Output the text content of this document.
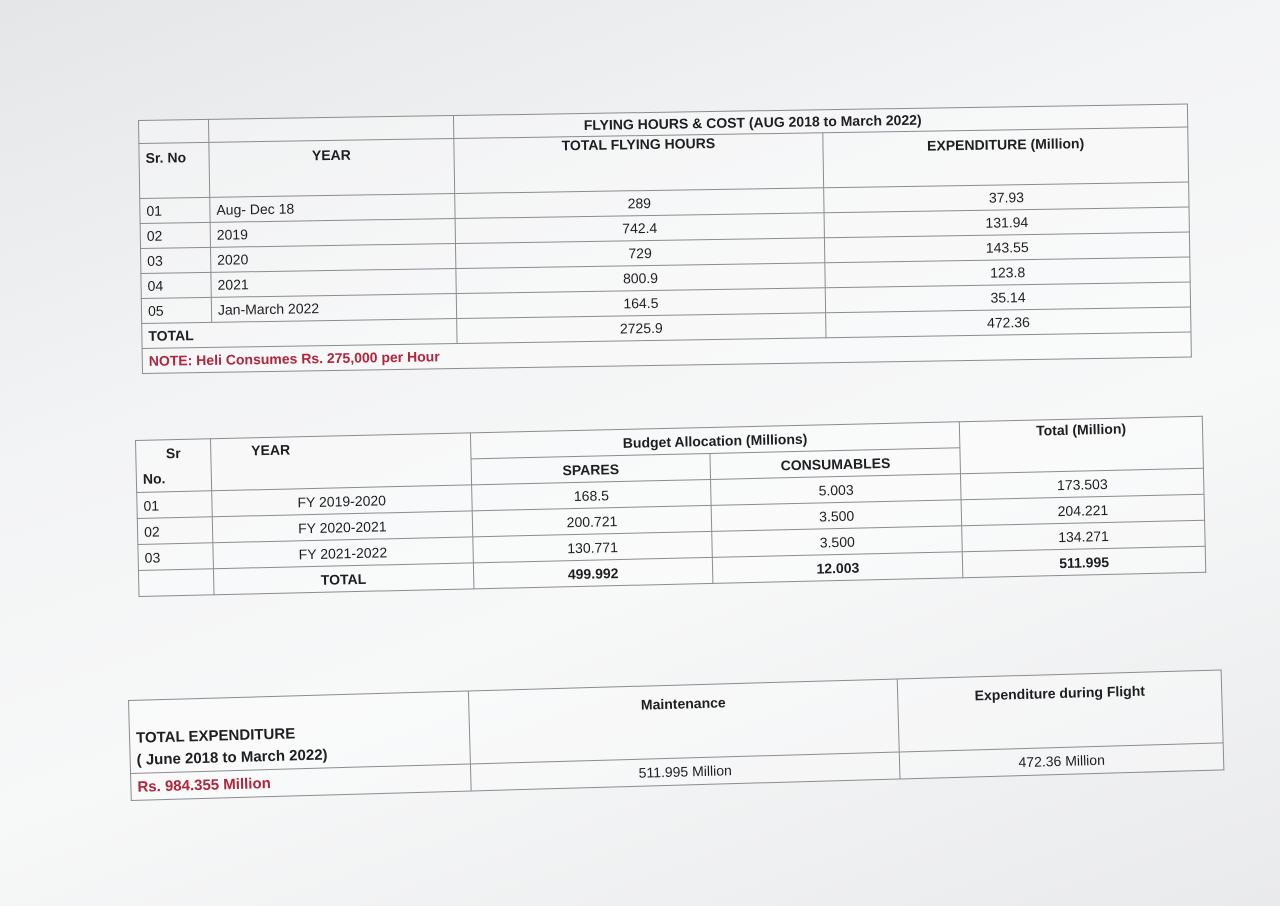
		FLYING HOURS & COST (AUG 2018 to March 2022)	
Sr. No	YEAR	TOTAL FLYING HOURS	EXPENDITURE (Million)
01	Aug- Dec 18	289	37.93
02	2019	742.4	131.94
03	2020	729	143.55
04	2021	800.9	123.8
05	Jan-March 2022	164.5	35.14
TOTAL		2725.9	472.36
NOTE: Heli Consumes Rs. 275,000 per Hour			
Sr	YEAR	Budget Allocation (Millions)		Total (Million)
No.		SPARES	CONSUMABLES	
01	FY 2019-2020	168.5	5.003	173.503
02	FY 2020-2021	200.721	3.500	204.221
03	FY 2021-2022	130.771	3.500	134.271
	TOTAL	499.992	12.003	511.995
TOTAL EXPENDITURE	Maintenance	Expenditure during Flight
( June 2018 to March 2022)		
Rs. 984.355 Million	511.995 Million	472.36 Million
